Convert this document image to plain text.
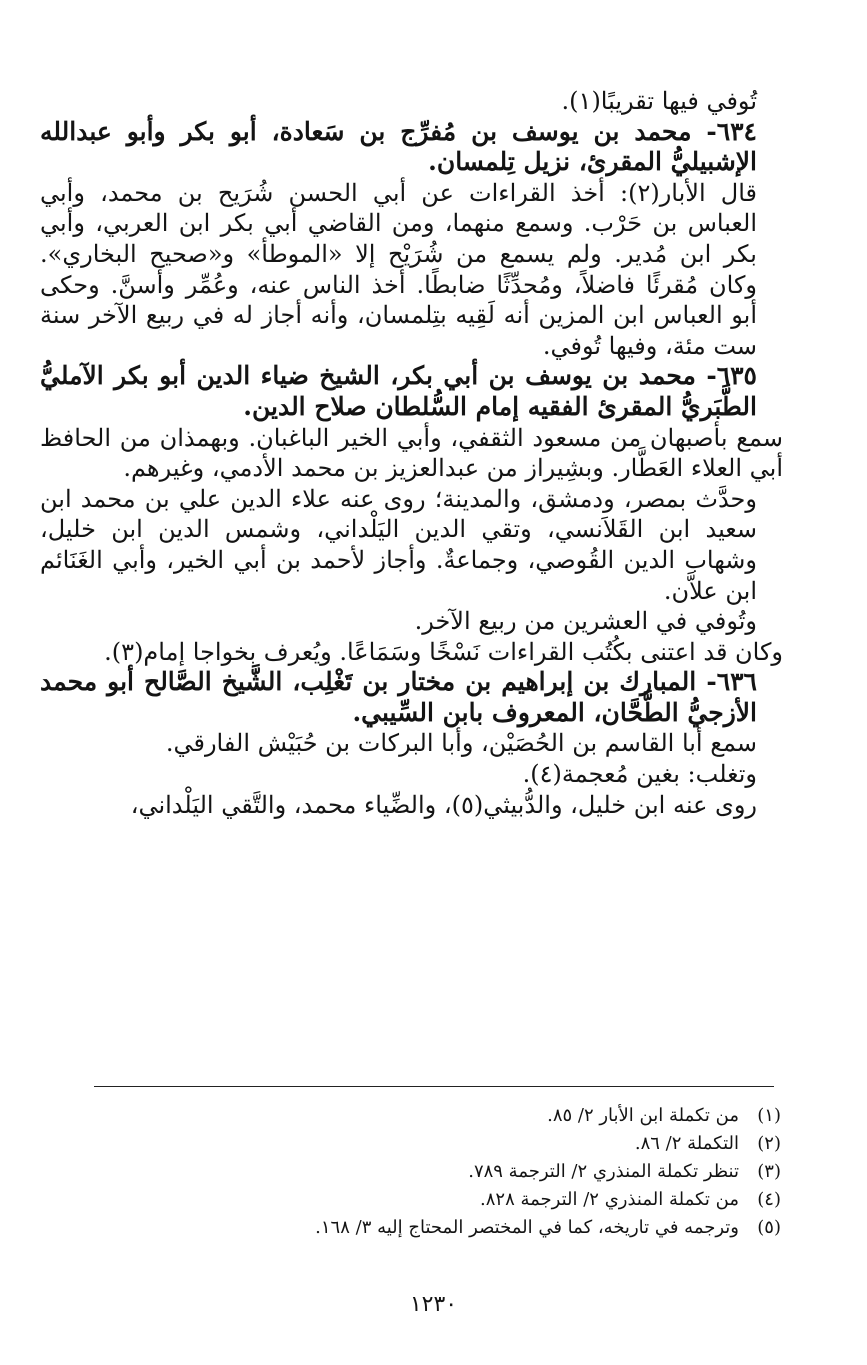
تُوفي فيها تقريبًا(١).

٦٣٤- محمد بن يوسف بن مُفرِّج بن سَعادة، أبو بكر وأبو عبدالله الإشبيليُّ المقرئ، نزيل تِلمسان.

قال الأبار(٢): أخذ القراءات عن أبي الحسن شُرَيح بن محمد، وأبي العباس بن حَرْب. وسمع منهما، ومن القاضي أبي بكر ابن العربي، وأبي بكر ابن مُدير. ولم يسمع من شُرَيْح إلا «الموطأ» و«صحيح البخاري». وكان مُقرئًا فاضلاً، ومُحدِّثًا ضابطًا. أخذ الناس عنه، وعُمِّر وأسنَّ. وحكى أبو العباس ابن المزين أنه لَقِيه بتِلمسان، وأنه أجاز له في ربيع الآخر سنة ست مئة، وفيها تُوفي.

٦٣٥- محمد بن يوسف بن أبي بكر، الشيخ ضياء الدين أبو بكر الآمليُّ الطَّبَريُّ المقرئ الفقيه إمام السُّلطان صلاح الدين.

سمع بأصبهان من مسعود الثقفي، وأبي الخير الباغبان. وبهمذان من الحافظ أبي العلاء العَطَّار. وبشِيراز من عبدالعزيز بن محمد الأدمي، وغيرهم.

وحدَّث بمصر، ودمشق، والمدينة؛ روى عنه علاء الدين علي بن محمد ابن سعيد ابن القَلاَنسي، وتقي الدين اليَلْداني، وشمس الدين ابن خليل، وشهاب الدين القُوصي، وجماعةٌ. وأجاز لأحمد بن أبي الخير، وأبي الغَنَائم ابن علاَّن.

وتُوفي في العشرين من ربيع الآخر.

وكان قد اعتنى بكُتُب القراءات نَسْخًا وسَمَاعًا. ويُعرف بخواجا إمام(٣).

٦٣٦- المبارك بن إبراهيم بن مختار بن تَغْلِب، الشَّيخ الصَّالح أبو محمد الأزجيُّ الطَّحَّان، المعروف بابن السِّيبي.

سمع أبا القاسم بن الحُصَيْن، وأبا البركات بن حُبَيْش الفارقي.

وتغلب: بغين مُعجمة(٤).

روى عنه ابن خليل، والدُّبيثي(٥)، والضِّياء محمد، والتَّقي اليَلْداني،

(١)
من تكملة ابن الأبار ٢/ ٨٥.

(٢)
التكملة ٢/ ٨٦.

(٣)
تنظر تكملة المنذري ٢/ الترجمة ٧٨٩.

(٤)
من تكملة المنذري ٢/ الترجمة ٨٢٨.

(٥)
وترجمه في تاريخه، كما في المختصر المحتاج إليه ٣/ ١٦٨.

١٢٣٠
